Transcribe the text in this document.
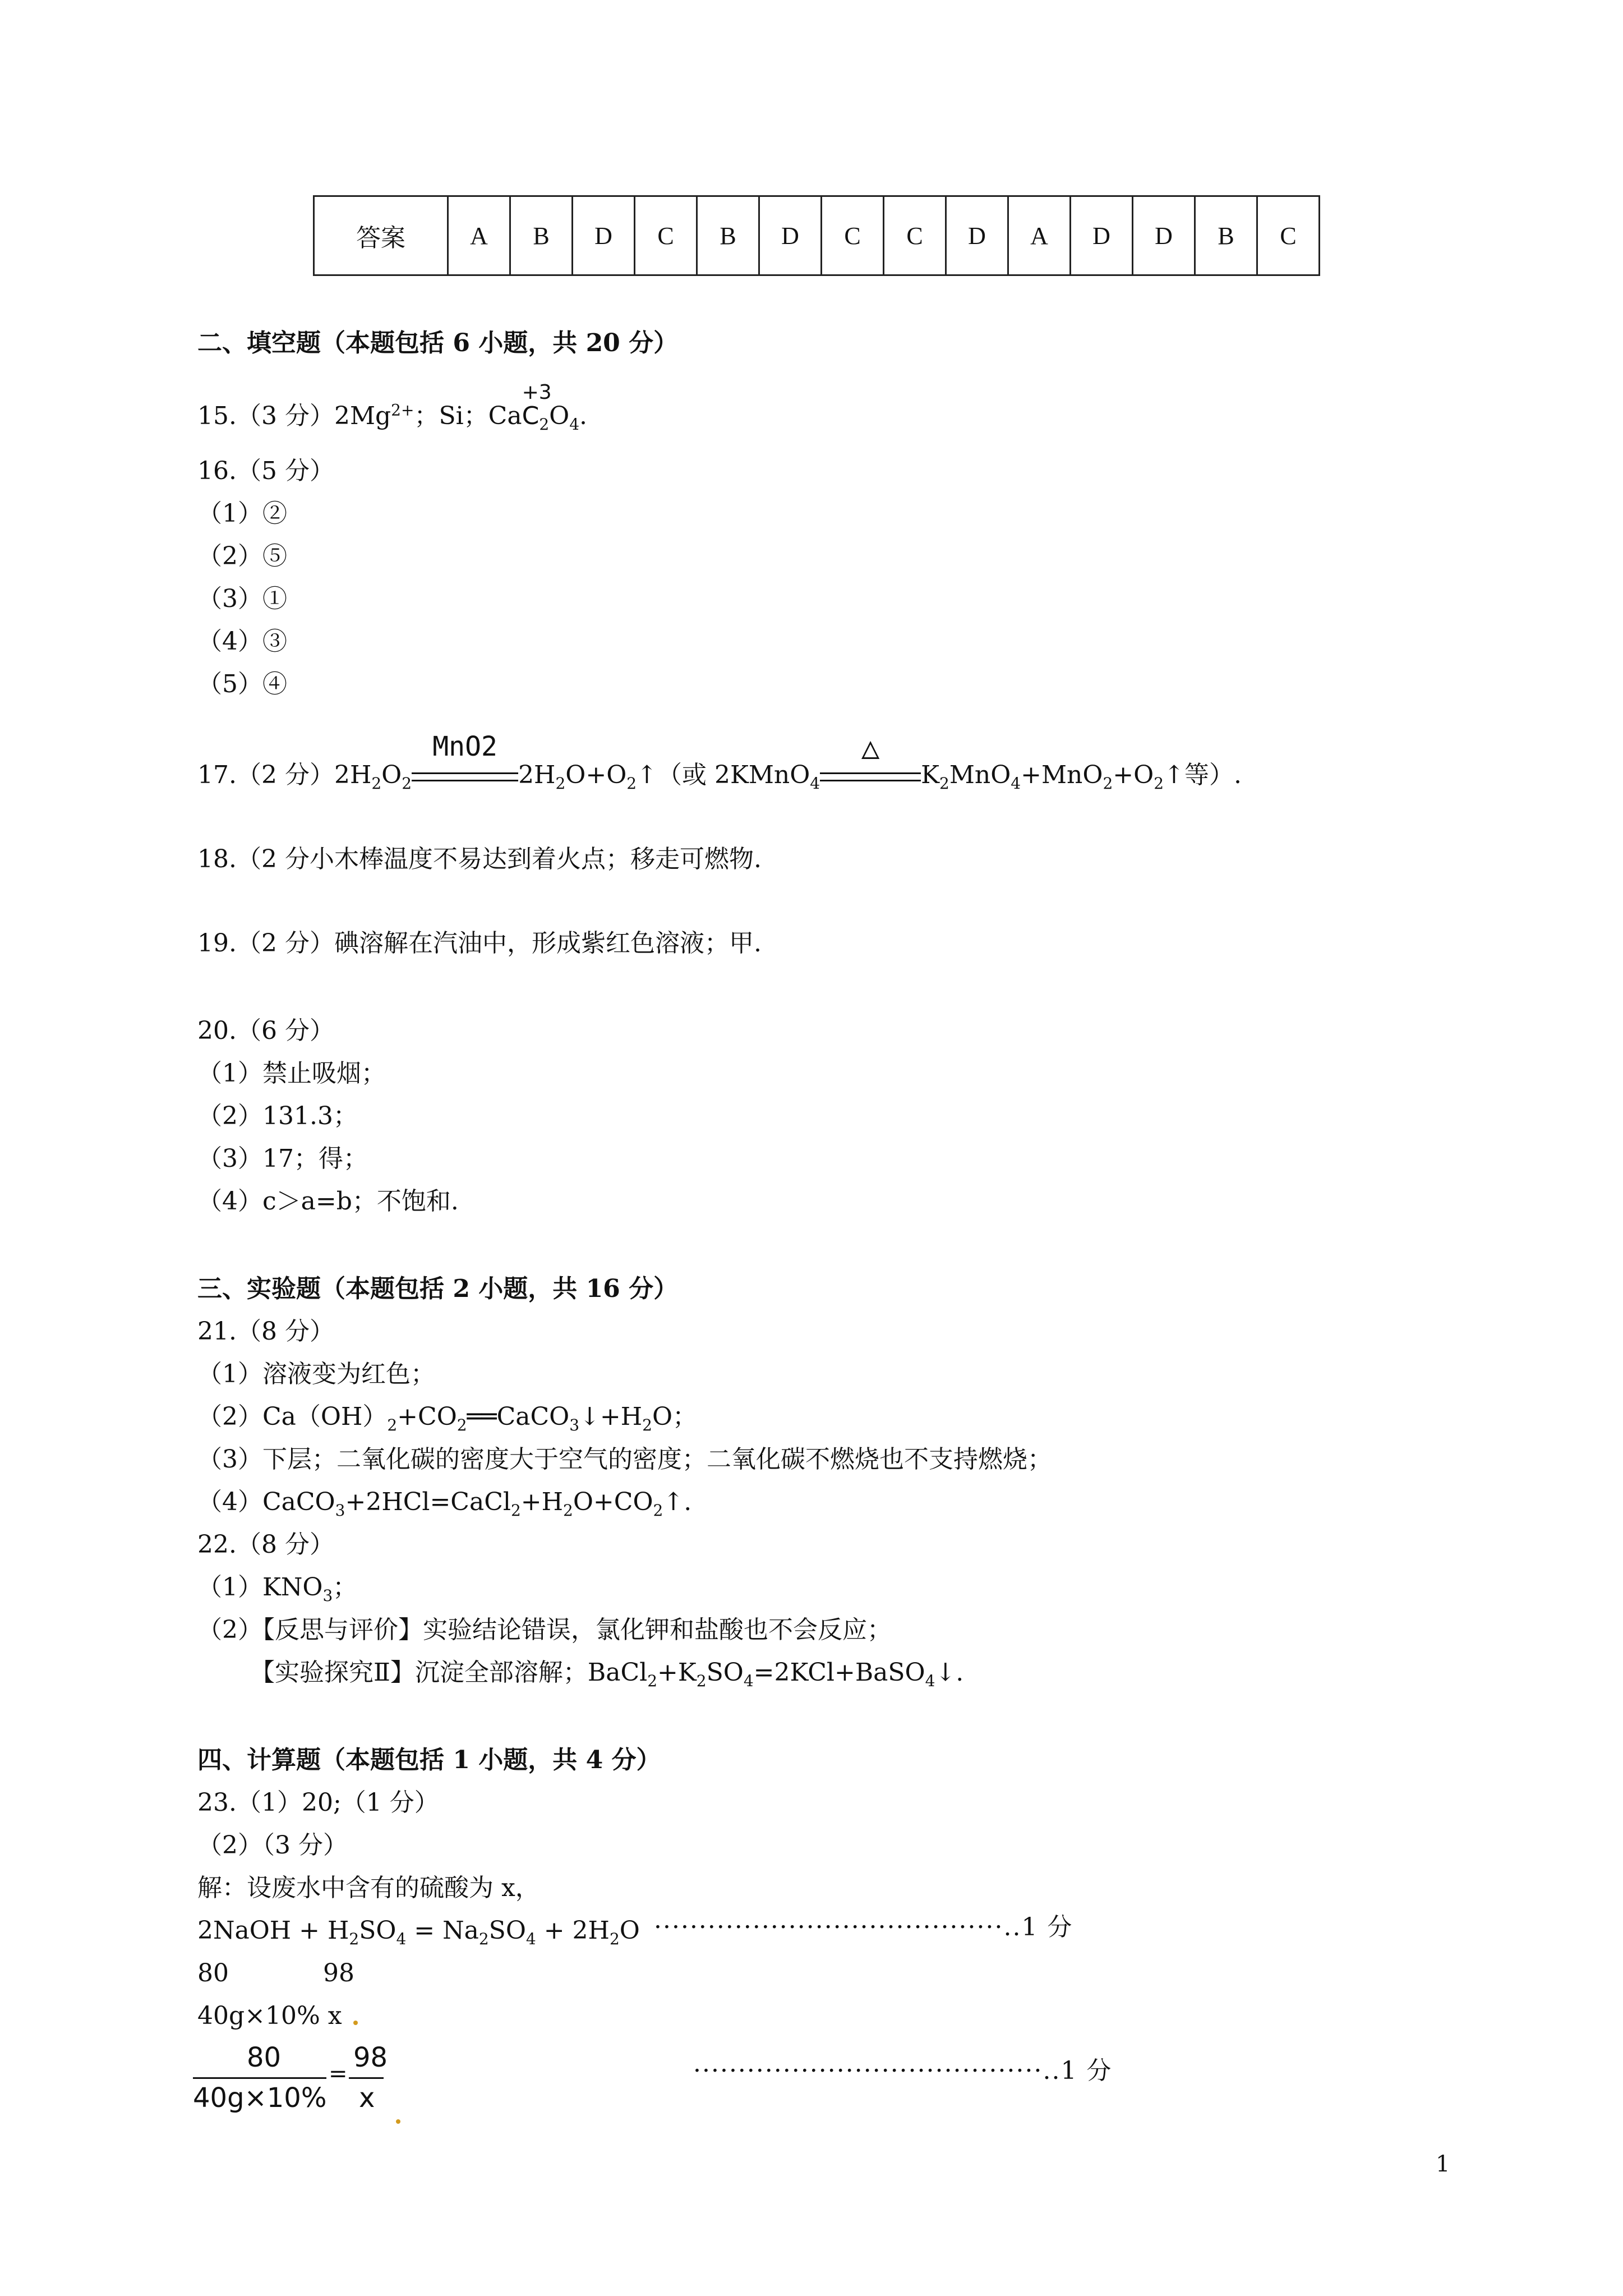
答案	A	B	D	C	B	D	C	C	D	A	D	D	B	C
二、填空题（本题包括 6 小题，共 20 分）
15.（3 分）$2Mg^{2+}$；Si；Ca
+3
$C_2O_4$.
16.（5 分）
（1）②
（2）⑤
（3）①
（4）③
（5）④
17.（2 分）$2H_2O_2$
MnO2
$2H_2O+O_2↑$（或 2KMnO$_4$
△
$K_2MnO_4+MnO_2+O_2↑$等）.
18.（2 分小木棒温度不易达到着火点；移走可燃物.
19.（2 分）碘溶解在汽油中，形成紫红色溶液；甲.
20.（6 分）
（1）禁止吸烟；
（2）131.3；
（3）17；得；
（4）c＞a=b；不饱和.
三、实验题（本题包括 2 小题，共 16 分）
21.（8 分）
（1）溶液变为红色；
$(2)Ca(OH)_2+CO_2══CaCO_3↓+H_2O$；
（3）下层；二氧化碳的密度大于空气的密度；二氧化碳不燃烧也不支持燃烧；
$(4)CaCO_3+2HCl=CaCl_2+H_2O+CO_2↑$.
22.（8 分）
$(1)KNO_3$；
（2）【反思与评价】实验结论错误，氯化钾和盐酸也不会反应；
【实验探究Ⅱ】沉淀全部溶解；$BaCl_2+K_2SO_4=2KCl+BaSO_4↓$.
四、计算题（本题包括 1 小题，共 4 分）
23.（1）20;（1 分）
（2）（3 分）
解：设废水中含有的硫酸为 x，
2NaOH + $H_2SO_4 = Na_2SO_4 + 2H_2O \cdot\cdot\cdot\cdot\cdot\cdot\cdot\cdot\cdot\cdot\cdot\cdot\cdot\cdot\cdot\cdot\cdot\cdot\cdot\cdot\cdot\cdot\cdot\cdot\cdot\cdot\cdot\cdot\cdot\cdot\cdot\cdot\cdot\cdot\cdot\cdot\cdot\cdot\cdot..1$ 分
80	98
40g×10% x
80
40g×10%
=
98
x
·······································..1 分
1
